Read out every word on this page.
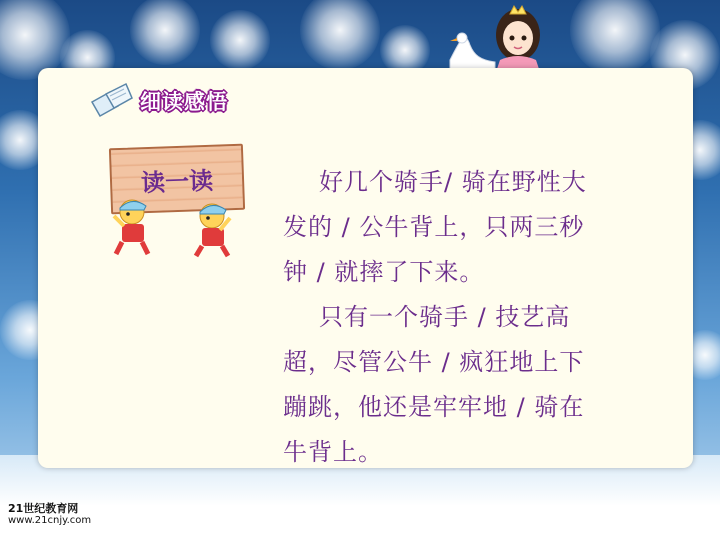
细读感悟
读一读	好几个骑手/ 骑在野性大
发的 / 公牛背上，只两三秒
钟 / 就摔了下来。
只有一个骑手 / 技艺高
超，尽管公牛 / 疯狂地上下
蹦跳，他还是牢牢地 / 骑在
牛背上。
21世纪教育网
www.21cnjy.com
